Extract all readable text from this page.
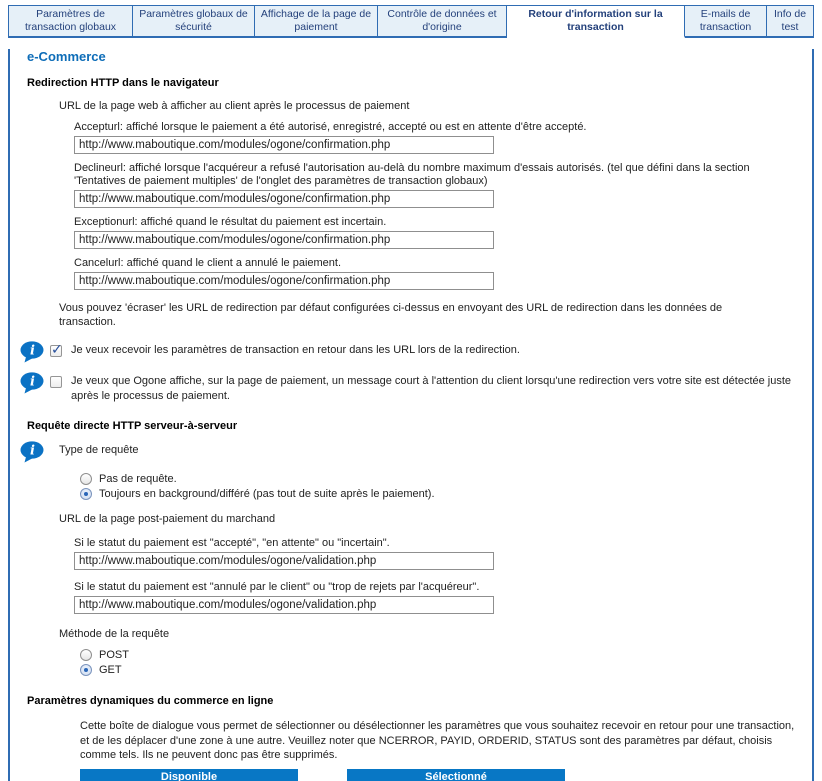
Paramètres de transaction globaux
Paramètres globaux de sécurité
Affichage de la page de paiement
Contrôle de données et d'origine
Retour d'information sur la transaction
E-mails de transaction
Info de test
e-Commerce
Redirection HTTP dans le navigateur
URL de la page web à afficher au client après le processus de paiement
Accepturl: affiché lorsque le paiement a été autorisé, enregistré, accepté ou est en attente d'être accepté.
http://www.maboutique.com/modules/ogone/confirmation.php
Declineurl: affiché lorsque l'acquéreur a refusé l'autorisation au-delà du nombre maximum d'essais autorisés. (tel que défini dans la section 'Tentatives de paiement multiples' de l'onglet des paramètres de transaction globaux)
http://www.maboutique.com/modules/ogone/confirmation.php
Exceptionurl: affiché quand le résultat du paiement est incertain.
http://www.maboutique.com/modules/ogone/confirmation.php
Cancelurl: affiché quand le client a annulé le paiement.
http://www.maboutique.com/modules/ogone/confirmation.php
Vous pouvez 'écraser' les URL de redirection par défaut configurées ci-dessus en envoyant des URL de redirection dans les données de transaction.
i ✓	Je veux recevoir les paramètres de transaction en retour dans les URL lors de la redirection.
i	Je veux que Ogone affiche, sur la page de paiement, un message court à l'attention du client lorsqu'une redirection vers votre site est détectée juste après le processus de paiement.
Requête directe HTTP serveur-à-serveur
i Type de requête
Pas de requête.
Toujours en background/différé (pas tout de suite après le paiement).
URL de la page post-paiement du marchand
Si le statut du paiement est "accepté", "en attente" ou "incertain".
http://www.maboutique.com/modules/ogone/validation.php
Si le statut du paiement est "annulé par le client" ou "trop de rejets par l'acquéreur".
http://www.maboutique.com/modules/ogone/validation.php
Méthode de la requête
POST
GET
Paramètres dynamiques du commerce en ligne
Cette boîte de dialogue vous permet de sélectionner ou désélectionner les paramètres que vous souhaitez recevoir en retour pour une transaction, et de les déplacer d'une zone à une autre. Veuillez noter que NCERROR, PAYID, ORDERID, STATUS sont des paramètres par défaut, choisis comme tels. Ils ne peuvent donc pas être supprimés.
Disponible	Sélectionné
